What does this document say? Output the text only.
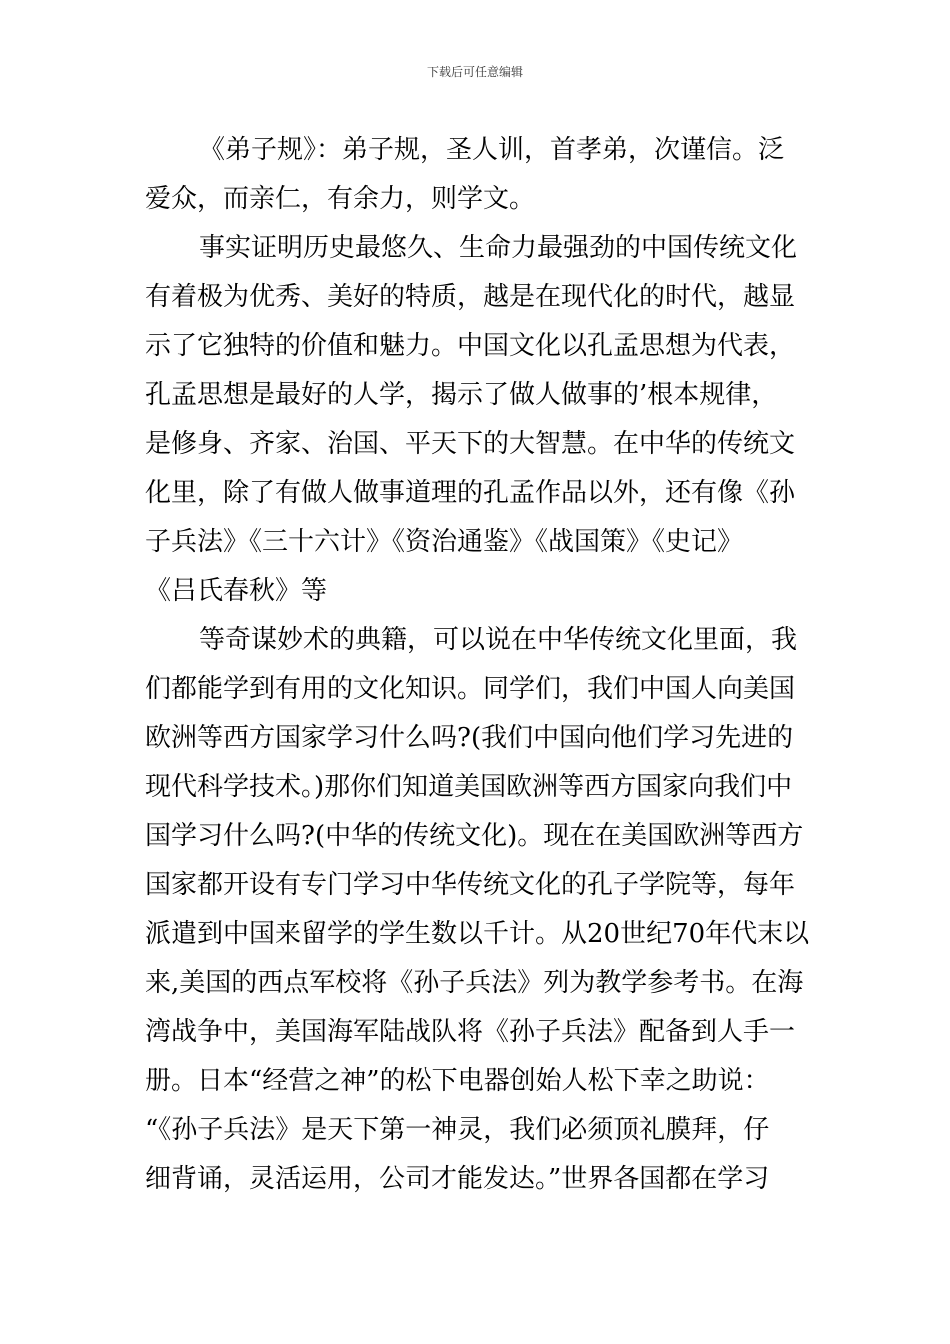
下载后可任意编辑
《弟子规》：弟子规，圣人训，首孝弟，次谨信。泛
爱众，而亲仁，有余力，则学文。
事实证明历史最悠久、生命力最强劲的中国传统文化
有着极为优秀、美好的特质，越是在现代化的时代，越显
示了它独特的价值和魅力。中国文化以孔孟思想为代表，
孔孟思想是最好的人学，揭示了做人做事的’根本规律，
是修身、齐家、治国、平天下的大智慧。在中华的传统文
化里，除了有做人做事道理的孔孟作品以外，还有像《孙
子兵法》《三十六计》《资治通鉴》《战国策》《史记》
《吕氏春秋》等
等奇谋妙术的典籍，可以说在中华传统文化里面，我
们都能学到有用的文化知识。同学们，我们中国人向美国
欧洲等西方国家学习什么吗?(我们中国向他们学习先进的
现代科学技术。)那你们知道美国欧洲等西方国家向我们中
国学习什么吗?(中华的传统文化)。现在在美国欧洲等西方
国家都开设有专门学习中华传统文化的孔子学院等，每年
派遣到中国来留学的学生数以千计。从20世纪70年代末以
来,美国的西点军校将《孙子兵法》列为教学参考书。在海
湾战争中，美国海军陆战队将《孙子兵法》配备到人手一
册。日本“经营之神”的松下电器创始人松下幸之助说：
“《孙子兵法》是天下第一神灵，我们必须顶礼膜拜，仔
细背诵，灵活运用，公司才能发达。”世界各国都在学习
